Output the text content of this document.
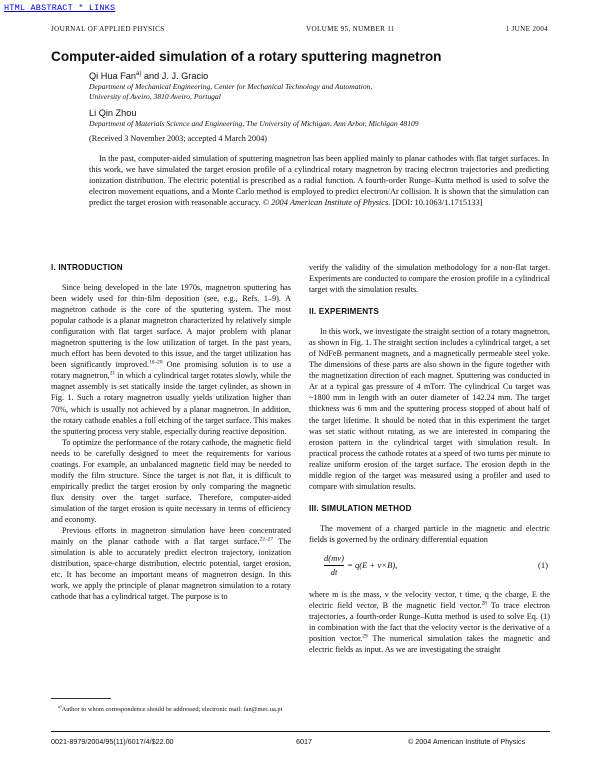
HTML ABSTRACT * LINKS
JOURNAL OF APPLIED PHYSICS	VOLUME 95, NUMBER 11	1 JUNE 2004
Computer-aided simulation of a rotary sputtering magnetron
Qi Hua Fan$^{a)}$ and J. J. Gracio
Department of Mechanical Engineering, Center for Mechanical Technology and Automation,
University of Aveiro, 3810 Aveiro, Portugal
Li Qin Zhou
Department of Materials Science and Engineering, The University of Michigan, Ann Arbor, Michigan 48109
(Received 3 November 2003; accepted 4 March 2004)
In the past, computer-aided simulation of sputtering magnetron has been applied mainly to planar cathodes with flat target surfaces. In this work, we have simulated the target erosion profile of a cylindrical rotary magnetron by tracing electron trajectories and predicting ionization distribution. The electric potential is prescribed as a radial function. A fourth-order Runge–Kutta method is used to solve the electron movement equations, and a Monte Carlo method is employed to predict electron/Ar collision. It is shown that the simulation can predict the target erosion with reasonable accuracy. © 2004 American Institute of Physics. [DOI: 10.1063/1.1715133]
I. INTRODUCTION

Since being developed in the late 1970s, magnetron sputtering has been widely used for thin-film deposition (see, e.g., Refs. 1–9). A magnetron cathode is the core of the sputtering system. The most popular cathode is a planar magnetron characterized by relatively simple configuration with flat target surface. A major problem with planar magnetron sputtering is the low utilization of target. In the past years, much effort has been devoted to this issue, and the target utilization has been significantly improved.$^{10-20}$ One promising solution is to use a rotary magnetron,$^{21}$ in which a cylindrical target rotates slowly, while the magnet assembly is set statically inside the target cylinder, as shown in Fig. 1. Such a rotary magnetron usually yields utilization higher than 70%, which is usually not achieved by a planar magnetron. In addition, the rotary cathode enables a full etching of the target surface. This makes the sputtering process very stable, especially during reactive deposition.

To optimize the performance of the rotary cathode, the magnetic field needs to be carefully designed to meet the requirements for various coatings. For example, an unbalanced magnetic field may be needed to modify the film structure. Since the target is not flat, it is difficult to empirically predict the target erosion by only comparing the magnetic flux density over the target surface. Therefore, computer-aided simulation of the target erosion is quite necessary in terms of efficiency and economy.

Previous efforts in magnetron simulation have been concentrated mainly on the planar cathode with a flat target surface.$^{22-27}$ The simulation is able to accurately predict electron trajectory, ionization distribution, space-charge distribution, electric potential, target erosion, etc. It has become an important means of magnetron design. In this work, we apply the principle of planar magnetron simulation to a rotary cathode that has a cylindrical target. The purpose is to

verify the validity of the simulation methodology for a non-flat target. Experiments are conducted to compare the erosion profile in a cylindrical target with the simulation results.

II. EXPERIMENTS

In this work, we investigate the straight section of a rotary magnetron, as shown in Fig. 1. The straight section includes a cylindrical target, a set of NdFeB permanent magnets, and a magnetically permeable steel yoke. The dimensions of these parts are also shown in the figure together with the magnetization direction of each magnet. Sputtering was conducted in Ar at a typical gas pressure of 4 mTorr. The cylindrical Cu target was ~1800 mm in length with an outer diameter of 142.24 mm. The target thickness was 6 mm and the sputtering process stopped of about half of the target lifetime. It should be noted that in this experiment the target was set static without rotating, as we are interested in comparing the erosion pattern in the cylindrical target with simulation result. In practical process the cathode rotates at a speed of two turns per minute to realize uniform erosion of the target surface. The erosion depth in the middle region of the target was measured using a profiler and used to compare with simulation results.

III. SIMULATION METHOD

The movement of a charged particle in the magnetic and electric fields is governed by the ordinary differential equation

$\frac{d(mv)}{dt} = q(E + v\times B)$,	(1)

where m is the mass, v the velocity vector, t time, q the charge, E the electric field vector, B the magnetic field vector.$^{28}$ To trace electron trajectories, a fourth-order Runge–Kutta method is used to solve Eq. (1) in combination with the fact that the velocity vector is the derivative of a position vector.$^{29}$ The numerical simulation takes the magnetic and electric fields as input. As we are investigating the straight

$^{a)}$Author to whom correspondence should be addressed; electronic mail: fan@mec.ua.pt
0021-8979/2004/95(11)/6017/4/$22.00	6017	© 2004 American Institute of Physics
